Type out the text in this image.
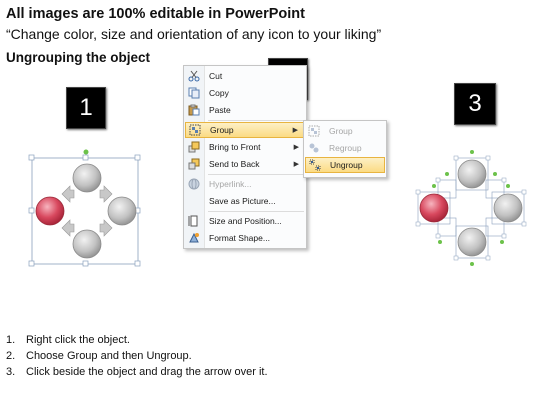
All images are 100% editable in PowerPoint
“Change color, size and orientation of any icon to your liking”
Ungrouping the object
1	3
Cut
Copy
Paste
Group	▶
Bring to Front	▶
Send to Back	▶
Hyperlink...
Save as Picture...
Size and Position...
Format Shape...
Group
Regroup
Ungroup
1. Right click the object.
2. Choose Group and then Ungroup.
3. Click beside the object and drag the arrow over it.
